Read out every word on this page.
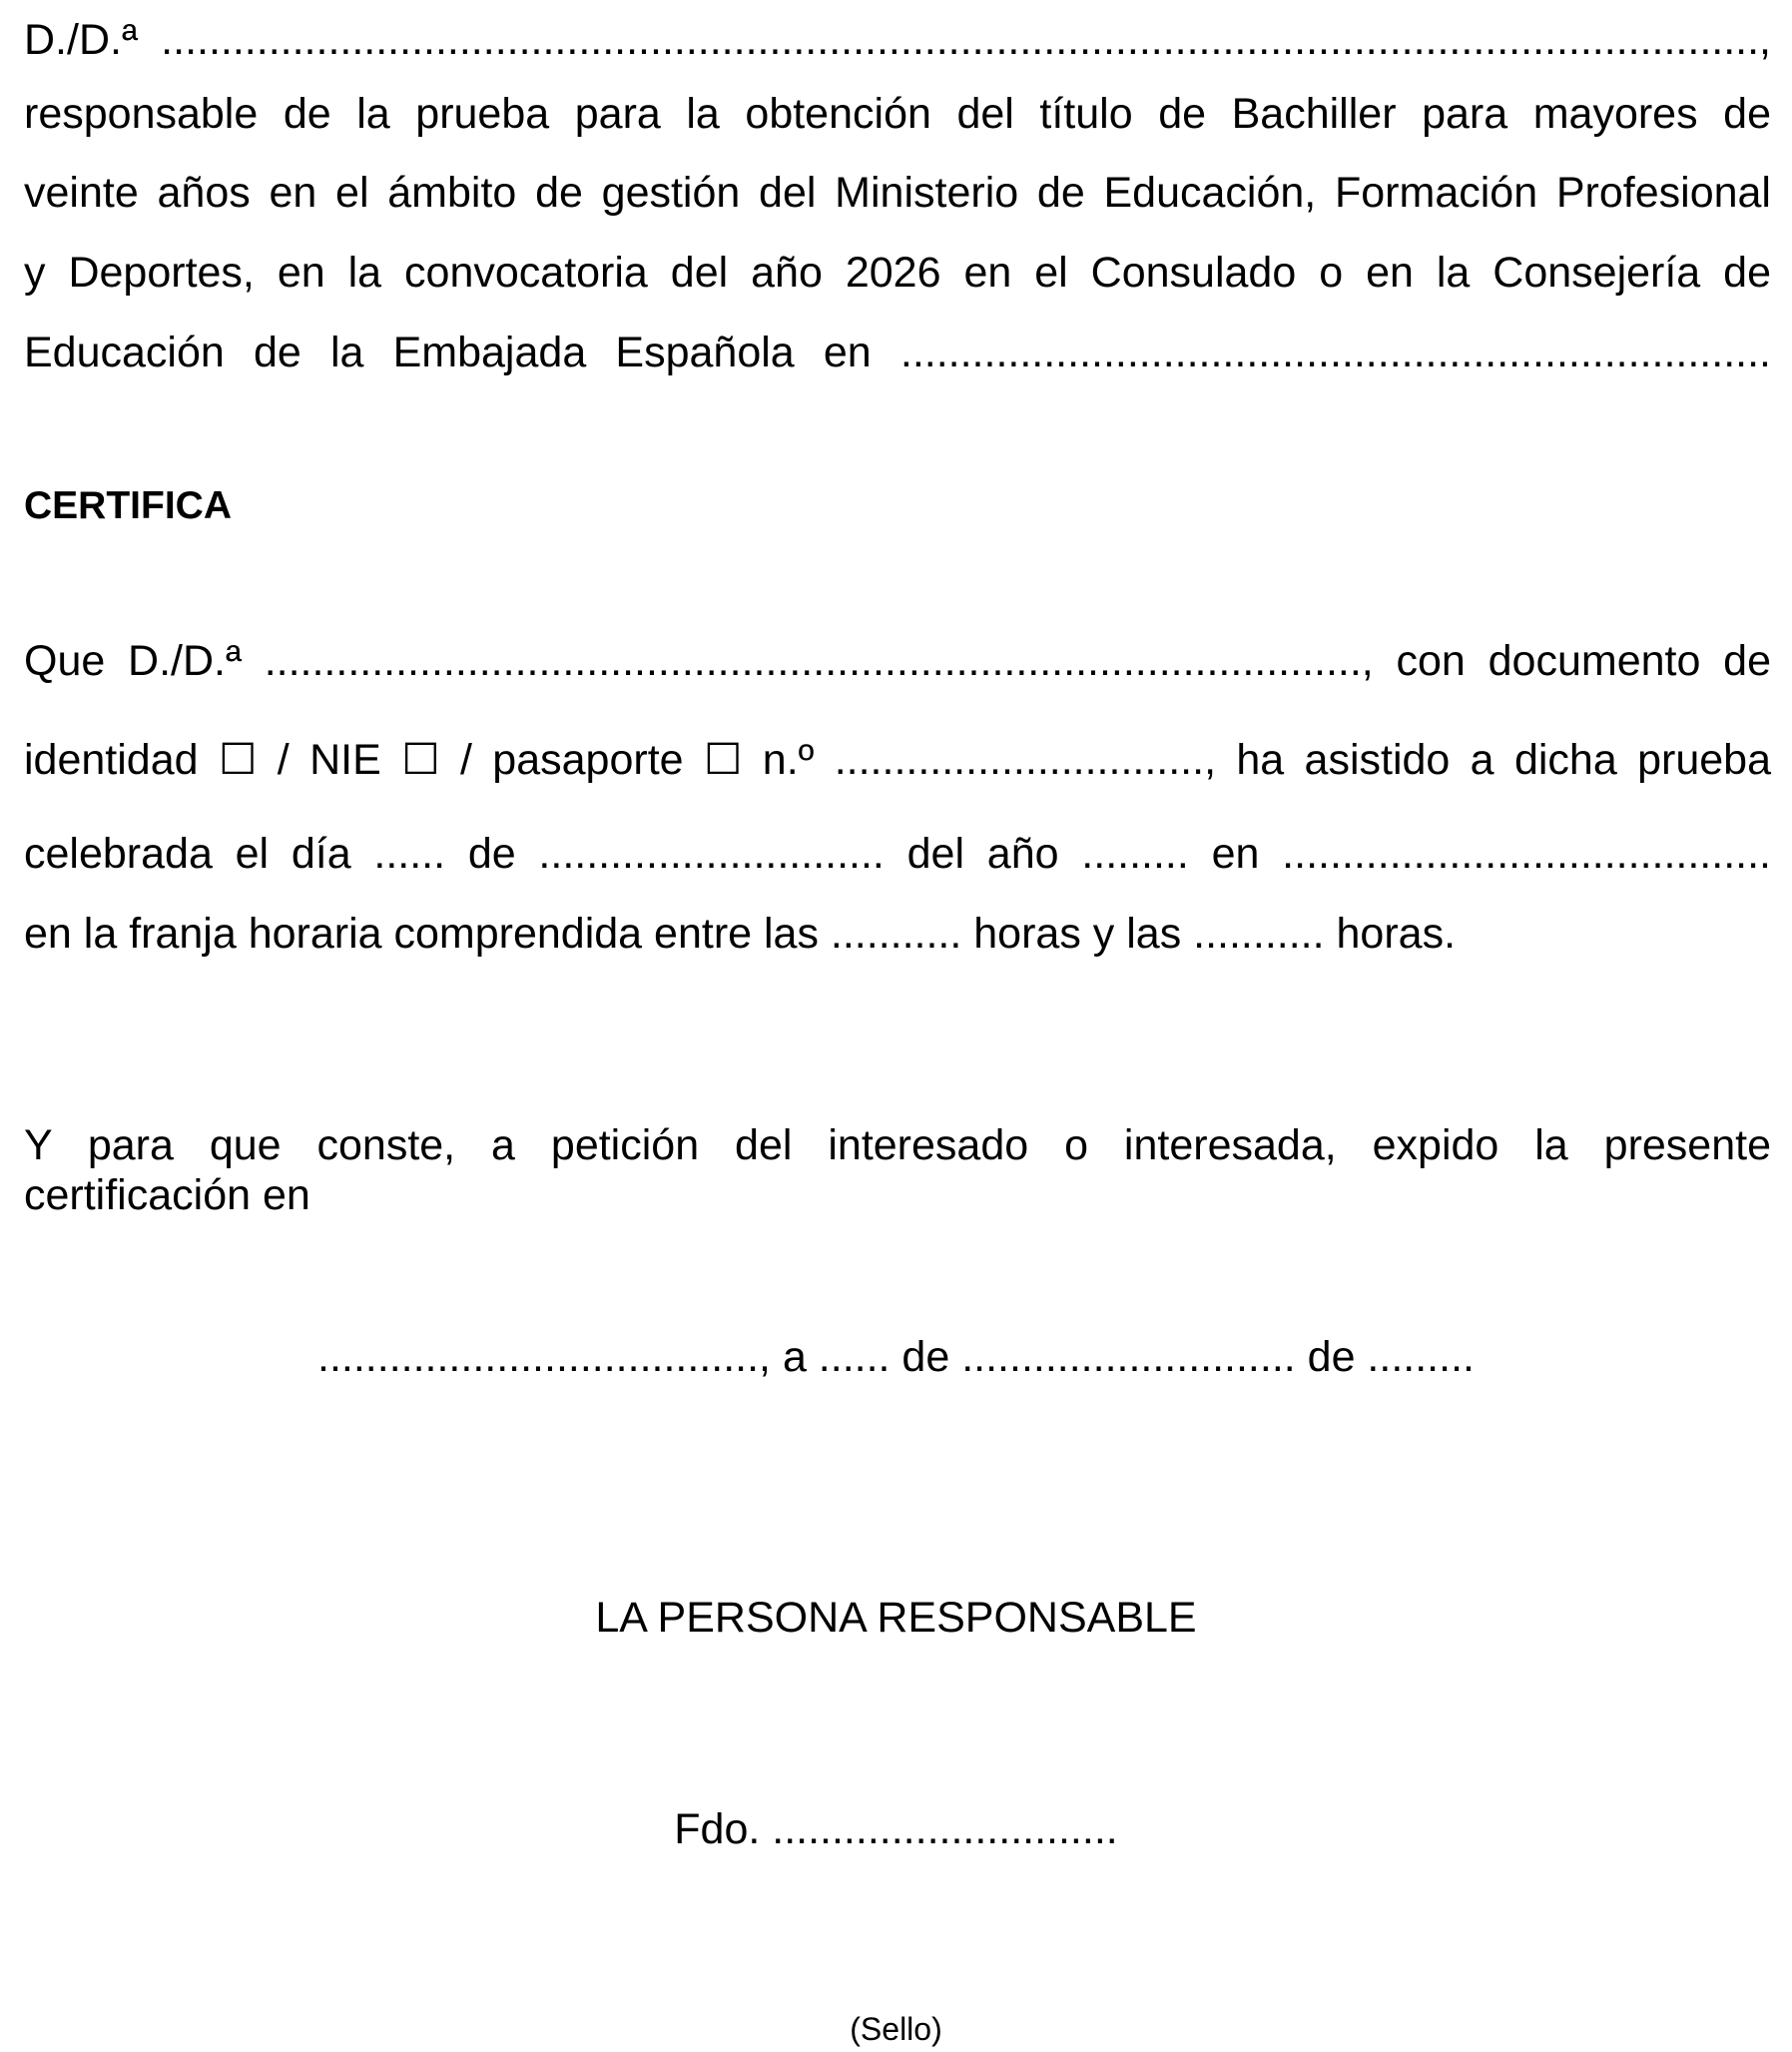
D./D.ª ......................................................................................................................................,
responsable de la prueba para la obtención del título de Bachiller para mayores de
veinte años en el ámbito de gestión del Ministerio de Educación, Formación Profesional
y Deportes, en la convocatoria del año 2026 en el Consulado o en la Consejería de
Educación de la Embajada Española en .........................................................................
CERTIFICA
Que D./D.ª ............................................................................................, con documento de
identidad ☐ / NIE ☐ / pasaporte ☐ n.º ..............................., ha asistido a dicha prueba
celebrada el día ...... de ............................. del año ......... en .........................................
en la franja horaria comprendida entre las ........... horas y las ........... horas.
Y para que conste, a petición del interesado o interesada, expido la presente
certificación en
....................................., a ...... de ............................ de .........
LA PERSONA RESPONSABLE
Fdo. .............................
(Sello)
